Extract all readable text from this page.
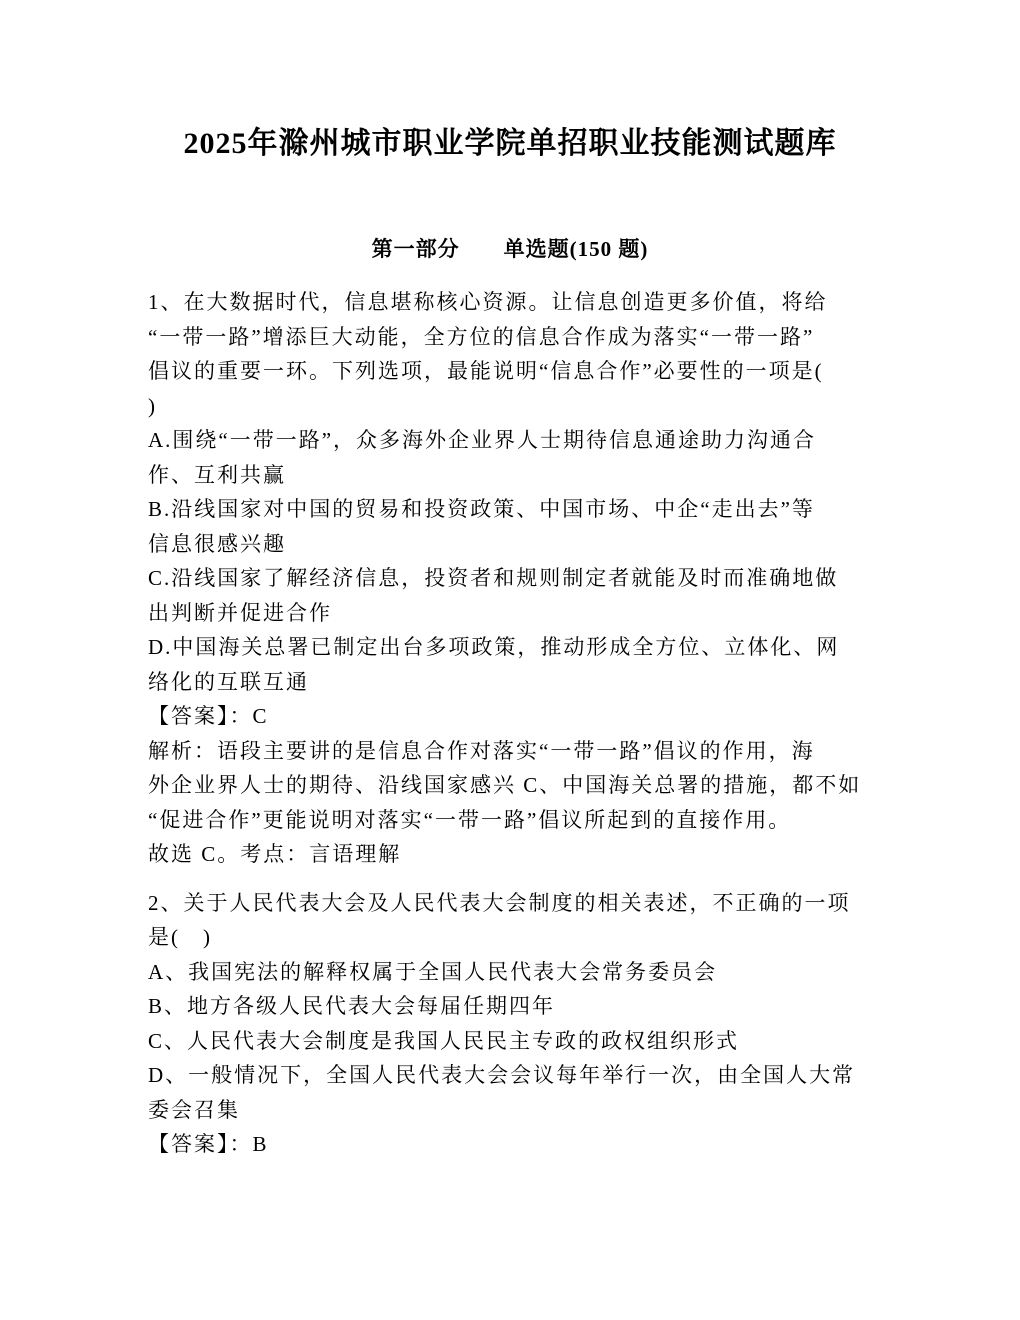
2025年滁州城市职业学院单招职业技能测试题库
第一部分　　单选题(150 题)
1、在大数据时代，信息堪称核心资源。让信息创造更多价值，将给
“一带一路”增添巨大动能，全方位的信息合作成为落实“一带一路”
倡议的重要一环。下列选项，最能说明“信息合作”必要性的一项是(
)
A.围绕“一带一路”，众多海外企业界人士期待信息通途助力沟通合
作、互利共赢
B.沿线国家对中国的贸易和投资政策、中国市场、中企“走出去”等
信息很感兴趣
C.沿线国家了解经济信息，投资者和规则制定者就能及时而准确地做
出判断并促进合作
D.中国海关总署已制定出台多项政策，推动形成全方位、立体化、网
络化的互联互通
【答案】：C
解析：语段主要讲的是信息合作对落实“一带一路”倡议的作用，海
外企业界人士的期待、沿线国家感兴 C、中国海关总署的措施，都不如
“促进合作”更能说明对落实“一带一路”倡议所起到的直接作用。
故选 C。考点：言语理解
2、关于人民代表大会及人民代表大会制度的相关表述，不正确的一项
是(　)
A、我国宪法的解释权属于全国人民代表大会常务委员会
B、地方各级人民代表大会每届任期四年
C、人民代表大会制度是我国人民民主专政的政权组织形式
D、一般情况下，全国人民代表大会会议每年举行一次，由全国人大常
委会召集
【答案】：B
